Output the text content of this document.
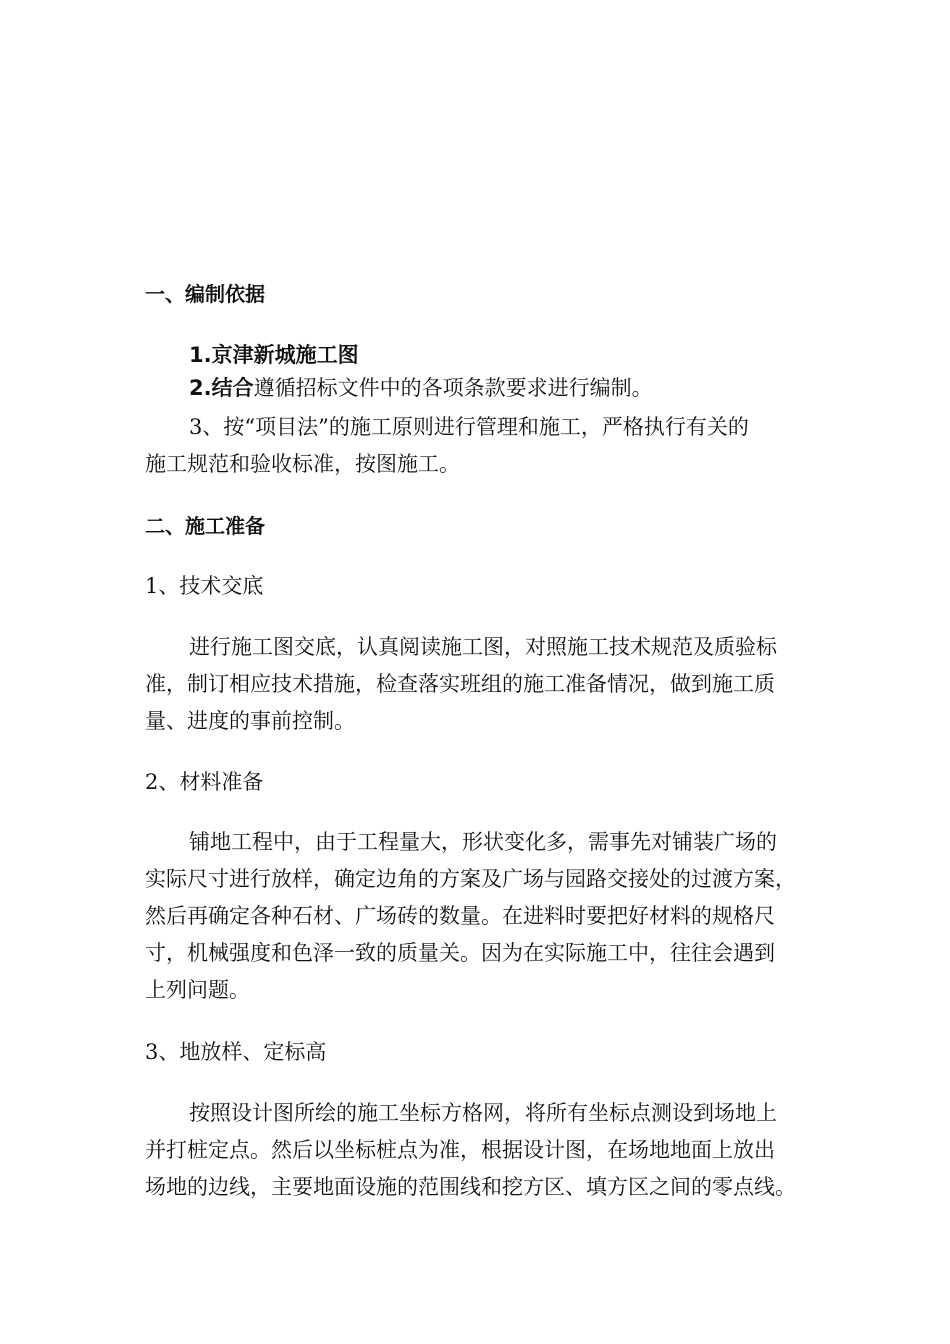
一、编制依据
1.京津新城施工图
2.结合遵循招标文件中的各项条款要求进行编制。
3、按“项目法”的施工原则进行管理和施工，严格执行有关的
施工规范和验收标准，按图施工。
二、施工准备
1、技术交底
进行施工图交底，认真阅读施工图，对照施工技术规范及质验标
准，制订相应技术措施，检查落实班组的施工准备情况，做到施工质
量、进度的事前控制。
2、材料准备
铺地工程中，由于工程量大，形状变化多，需事先对铺装广场的
实际尺寸进行放样，确定边角的方案及广场与园路交接处的过渡方案，
然后再确定各种石材、广场砖的数量。在进料时要把好材料的规格尺
寸，机械强度和色泽一致的质量关。因为在实际施工中，往往会遇到
上列问题。
3、地放样、定标高
按照设计图所绘的施工坐标方格网，将所有坐标点测设到场地上
并打桩定点。然后以坐标桩点为准，根据设计图，在场地地面上放出
场地的边线，主要地面设施的范围线和挖方区、填方区之间的零点线。
